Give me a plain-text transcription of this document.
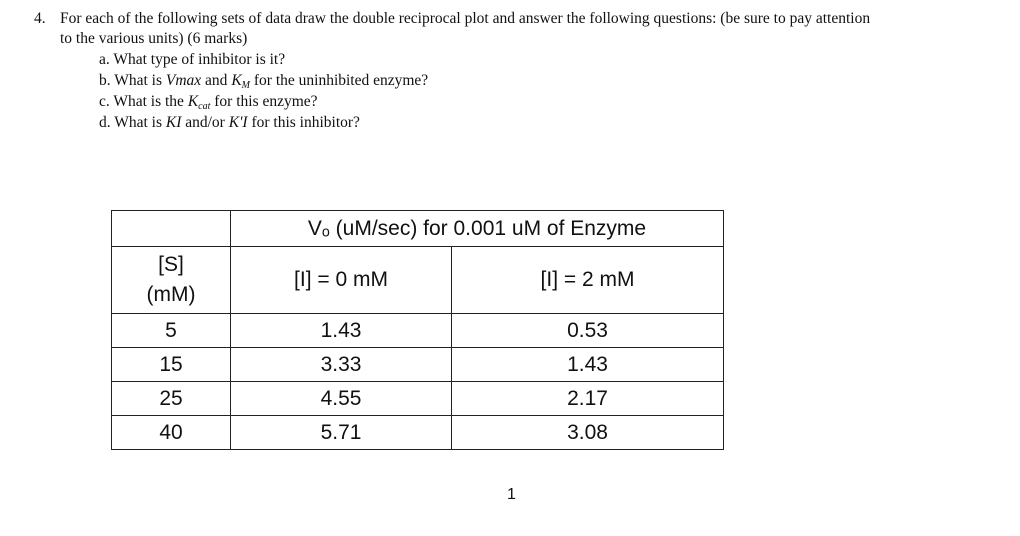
4. For each of the following sets of data draw the double reciprocal plot and answer the following questions: (be sure to pay attention
to the various units) (6 marks)
a. What type of inhibitor is it?
b. What is Vmax and $K_M$ for the uninhibited enzyme?
c. What is the $K_{cat}$ for this enzyme?
d. What is KI and/or K'I for this inhibitor?
	Vₒ (uM/sec) for 0.001 uM of Enzyme	

[S]
(mM)	[I] = 0 mM	[I] = 2 mM
5	1.43	0.53
15	3.33	1.43
25	4.55	2.17
40	5.71	3.08
1
